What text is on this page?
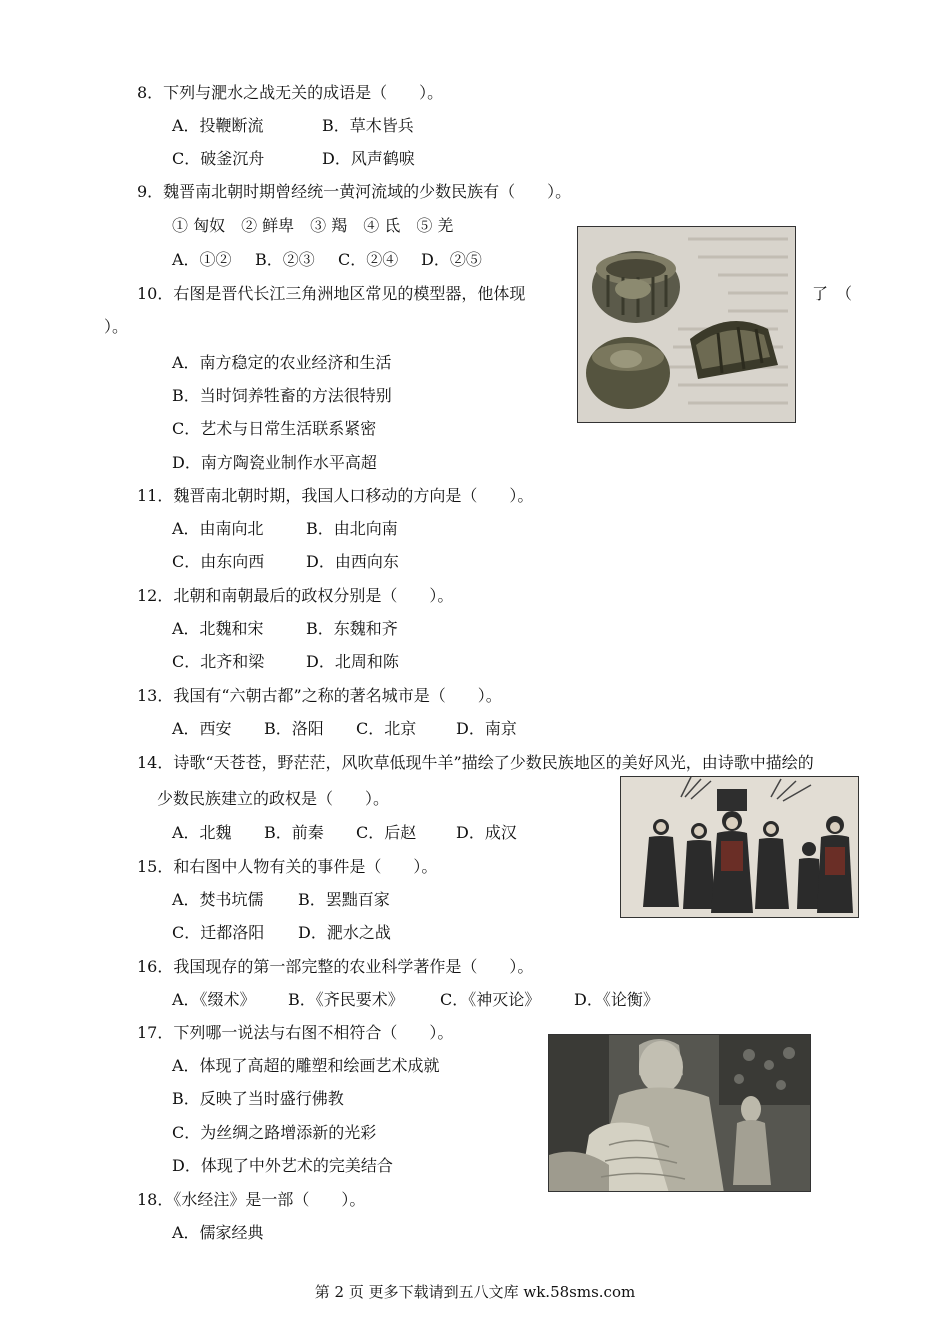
8．下列与淝水之战无关的成语是（　　）。
A．投鞭断流	B．草木皆兵
C．破釜沉舟	D．风声鹤唳
9．魏晋南北朝时期曾经统一黄河流域的少数民族有（　　）。
① 匈奴　② 鲜卑　③ 羯　④ 氐　⑤ 羌
A．①② B．②③ C．②④ D．②⑤
10．右图是晋代长江三角洲地区常见的模型器，他体现	了　（
）。
A．南方稳定的农业经济和生活
B．当时饲养牲畜的方法很特别
C．艺术与日常生活联系紧密
D．南方陶瓷业制作水平高超
11．魏晋南北朝时期，我国人口移动的方向是（　　）。
A．由南向北	B．由北向南
C．由东向西	D．由西向东
12．北朝和南朝最后的政权分别是（　　）。
A．北魏和宋	B．东魏和齐
C．北齐和梁	D．北周和陈
13．我国有“六朝古都”之称的著名城市是（　　）。
A．西安 B．洛阳 C．北京 D．南京
14．诗歌“天苍苍，野茫茫，风吹草低现牛羊”描绘了少数民族地区的美好风光，由诗歌中描绘的
少数民族建立的政权是（　　）。
A．北魏 B．前秦 C．后赵 D．成汉
15．和右图中人物有关的事件是（　　）。
A．焚书坑儒 B．罢黜百家
C．迁都洛阳 D．淝水之战
16．我国现存的第一部完整的农业科学著作是（　　）。
A．《缀术》 B．《齐民要术》 C．《神灭论》 D．《论衡》
17．下列哪一说法与右图不相符合（　　）。
A．体现了高超的雕塑和绘画艺术成就
B．反映了当时盛行佛教
C．为丝绸之路增添新的光彩
D．体现了中外艺术的完美结合
18．《水经注》是一部（　　）。
A．儒家经典
第 2 页 更多下载请到五八文库 wk.58sms.com
